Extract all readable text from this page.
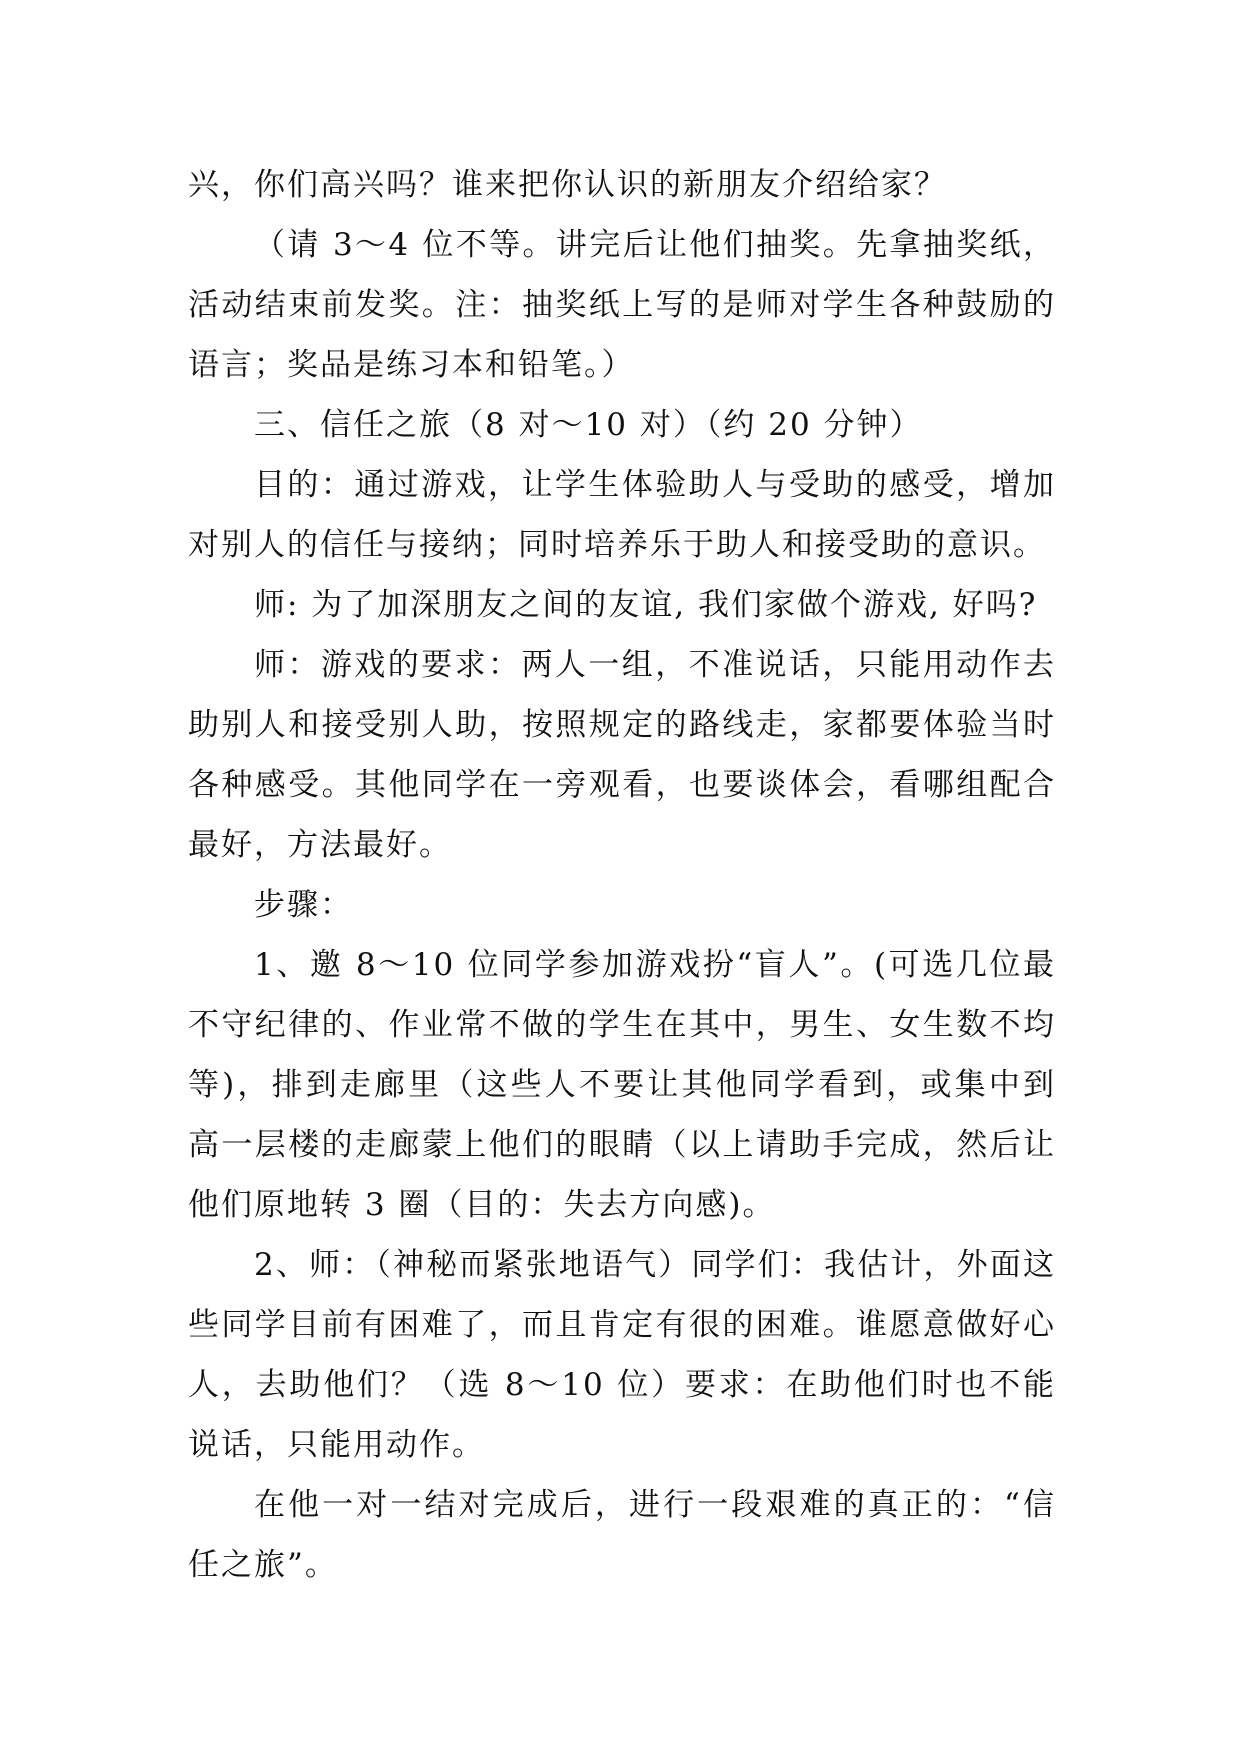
兴，你们高兴吗？谁来把你认识的新朋友介绍给家？

（请 3～4 位不等。讲完后让他们抽奖。先拿抽奖纸，活动结束前发奖。注：抽奖纸上写的是师对学生各种鼓励的语言；奖品是练习本和铅笔。）

三、信任之旅（8 对～10 对）（约 20 分钟）

目的：通过游戏，让学生体验助人与受助的感受，增加对别人的信任与接纳；同时培养乐于助人和接受助的意识。

师: 为了加深朋友之间的友谊, 我们家做个游戏, 好吗?

师：游戏的要求：两人一组，不准说话，只能用动作去助别人和接受别人助，按照规定的路线走，家都要体验当时各种感受。其他同学在一旁观看，也要谈体会，看哪组配合最好，方法最好。

步骤：

1、邀 8～10 位同学参加游戏扮“盲人”。(可选几位最不守纪律的、作业常不做的学生在其中，男生、女生数不均等)，排到走廊里（这些人不要让其他同学看到，或集中到高一层楼的走廊蒙上他们的眼睛（以上请助手完成，然后让他们原地转 3 圈（目的：失去方向感)。

2、师：（神秘而紧张地语气）同学们：我估计，外面这些同学目前有困难了，而且肯定有很的困难。谁愿意做好心人，去助他们？（选 8～10 位）要求：在助他们时也不能说话，只能用动作。

在他一对一结对完成后，进行一段艰难的真正的：“信任之旅”。
